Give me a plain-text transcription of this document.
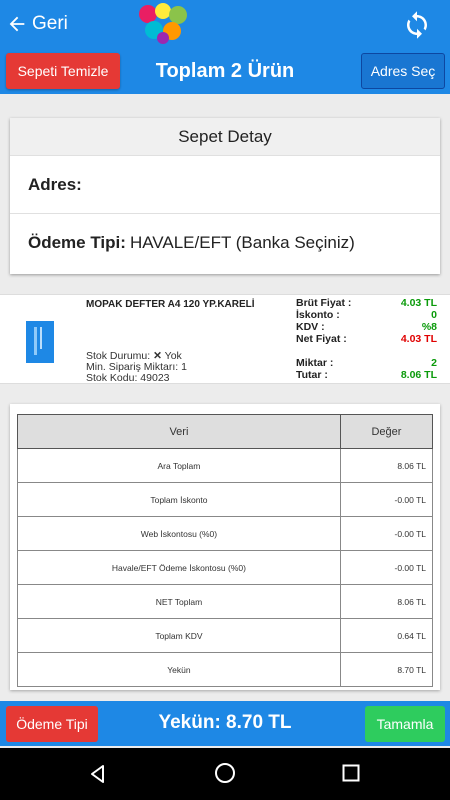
Geri
Sepeti Temizle	Toplam 2 Ürün	Adres Seç
Sepet Detay
Adres:
Ödeme Tipi: HAVALE/EFT (Banka Seçiniz)
MOPAK DEFTER A4 120 YP.KARELİ
Stok Durumu: ✕ Yok
Min. Sipariş Miktarı: 1
Stok Kodu: 49023
Brüt Fiyat :	4.03 TL
İskonto :	0
KDV :	%8
Net Fiyat :	4.03 TL
Miktar :	2
Tutar :	8.06 TL
Veri	Değer
Ara Toplam	8.06 TL
Toplam İskonto	-0.00 TL
Web İskontosu (%0)	-0.00 TL
Havale/EFT Ödeme İskontosu (%0)	-0.00 TL
NET Toplam	8.06 TL
Toplam KDV	0.64 TL
Yekün	8.70 TL
Ödeme Tipi	Yekün: 8.70 TL	Tamamla
